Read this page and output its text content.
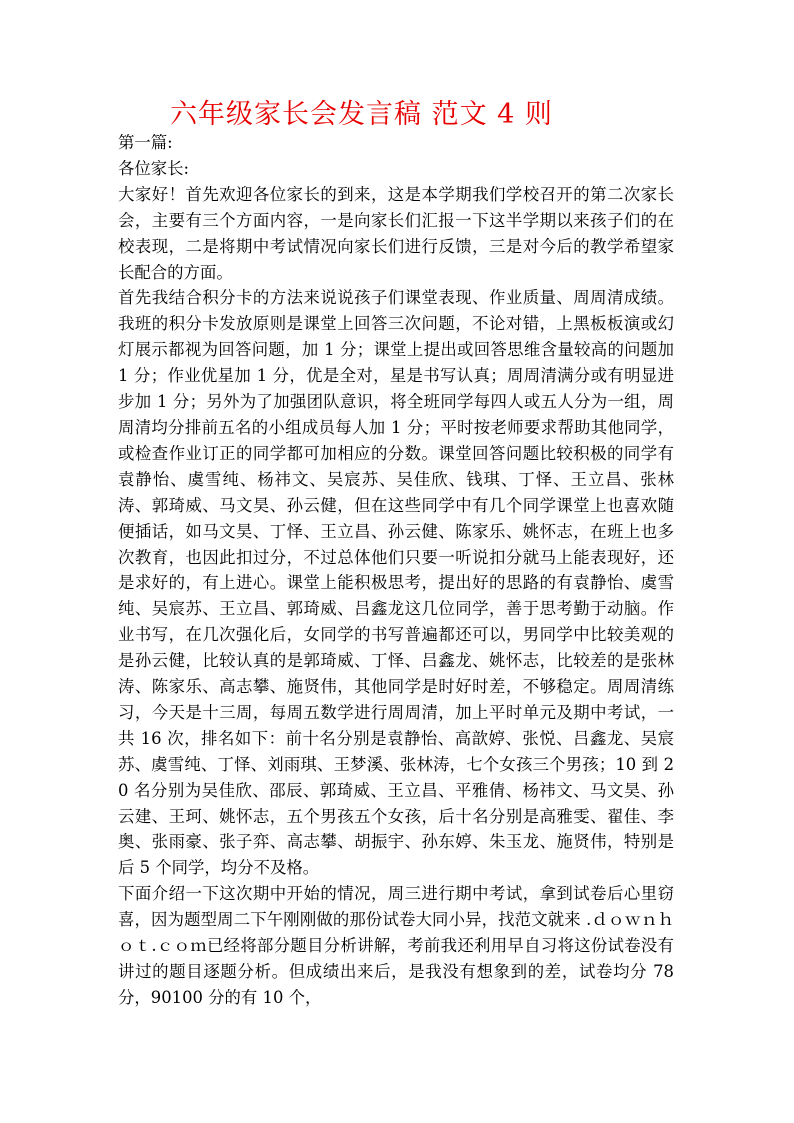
六年级家长会发言稿 范文 4 则

第一篇:

各位家长:

大家好！首先欢迎各位家长的到来，这是本学期我们学校召开的第二次家长会，主要有三个方面内容，一是向家长们汇报一下这半学期以来孩子们的在校表现，二是将期中考试情况向家长们进行反馈，三是对今后的教学希望家长配合的方面。

首先我结合积分卡的方法来说说孩子们课堂表现、作业质量、周周清成绩。我班的积分卡发放原则是课堂上回答三次问题，不论对错，上黑板板演或幻灯展示都视为回答问题，加 1 分；课堂上提出或回答思维含量较高的问题加 1 分；作业优星加 1 分，优是全对，星是书写认真；周周清满分或有明显进步加 1 分；另外为了加强团队意识，将全班同学每四人或五人分为一组，周周清均分排前五名的小组成员每人加 1 分；平时按老师要求帮助其他同学，或检查作业订正的同学都可加相应的分数。课堂回答问题比较积极的同学有袁静怡、虞雪纯、杨祎文、吴宸苏、吴佳欣、钱琪、丁怿、王立昌、张林涛、郭琦威、马文昊、孙云健，但在这些同学中有几个同学课堂上也喜欢随便插话，如马文昊、丁怿、王立昌、孙云健、陈家乐、姚怀志，在班上也多次教育，也因此扣过分，不过总体他们只要一听说扣分就马上能表现好，还是求好的，有上进心。课堂上能积极思考，提出好的思路的有袁静怡、虞雪纯、吴宸苏、王立昌、郭琦威、吕鑫龙这几位同学，善于思考勤于动脑。作业书写，在几次强化后，女同学的书写普遍都还可以，男同学中比较美观的是孙云健，比较认真的是郭琦威、丁怿、吕鑫龙、姚怀志，比较差的是张林涛、陈家乐、高志攀、施贤伟，其他同学是时好时差，不够稳定。周周清练习，今天是十三周，每周五数学进行周周清，加上平时单元及期中考试，一共 16 次，排名如下：前十名分别是袁静怡、高歆婷、张悦、吕鑫龙、吴宸苏、虞雪纯、丁怿、刘雨琪、王梦溪、张林涛，七个女孩三个男孩；10 到 20 名分别为吴佳欣、邵辰、郭琦威、王立昌、平雅倩、杨祎文、马文昊、孙云建、王珂、姚怀志，五个男孩五个女孩，后十名分别是高雅雯、翟佳、李奥、张雨豪、张子弈、高志攀、胡振宇、孙东婷、朱玉龙、施贤伟，特别是后 5 个同学，均分不及格。

下面介绍一下这次期中开始的情况，周三进行期中考试，拿到试卷后心里窃喜，因为题型周二下午刚刚做的那份试卷大同小异，找范文就来 .ｄｏｗｎｈｏｔ.ｃｏｍ已经将部分题目分析讲解，考前我还利用早自习将这份试卷没有讲过的题目逐题分析。但成绩出来后，是我没有想象到的差，试卷均分 78 分，90100 分的有 10 个，
